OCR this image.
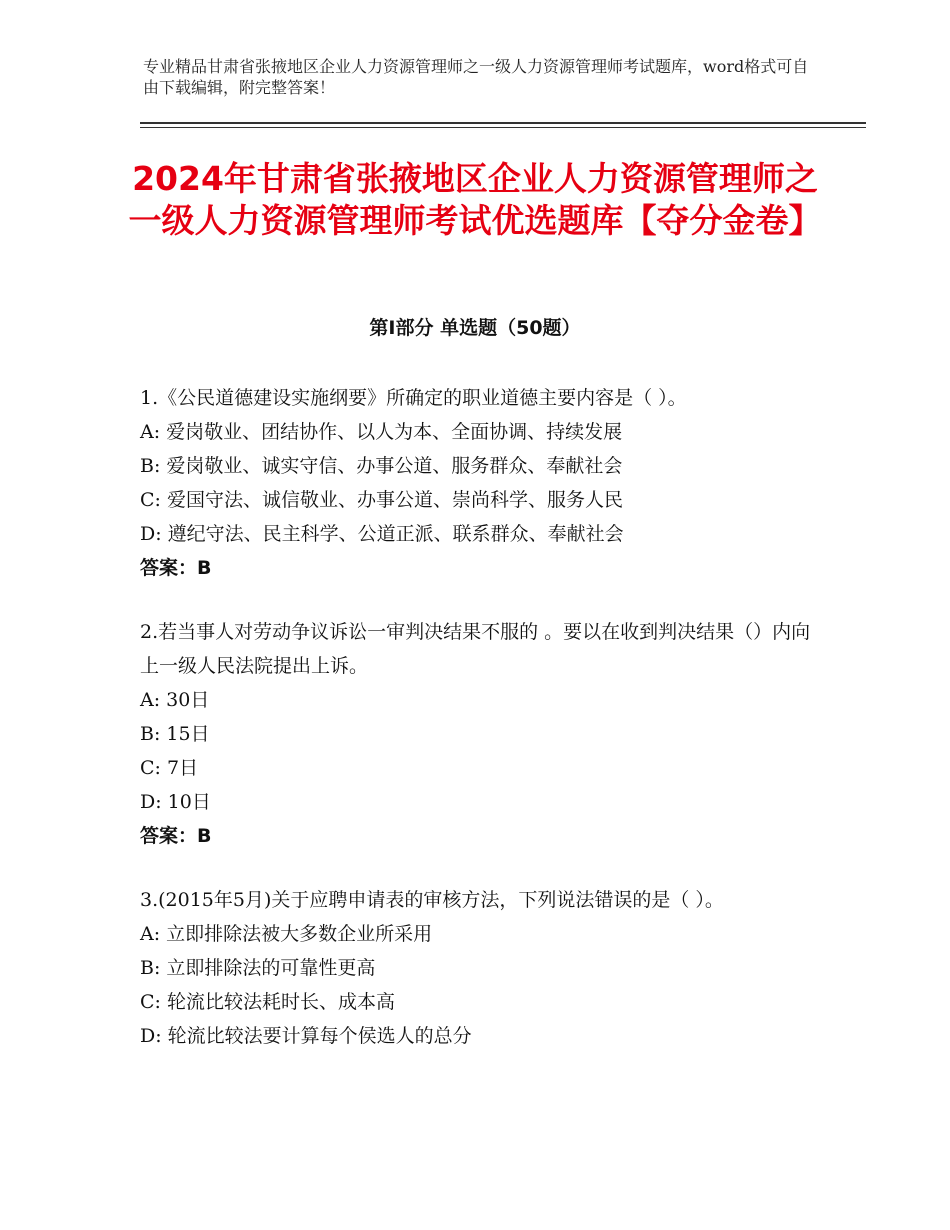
专业精品甘肃省张掖地区企业人力资源管理师之一级人力资源管理师考试题库，word格式可自由下载编辑，附完整答案！

2024年甘肃省张掖地区企业人力资源管理师之一级人力资源管理师考试优选题库【夺分金卷】
第Ⅰ部分 单选题（50题）

1.《公民道德建设实施纲要》所确定的职业道德主要内容是（ ）。

A: 爱岗敬业、团结协作、以人为本、全面协调、持续发展

B: 爱岗敬业、诚实守信、办事公道、服务群众、奉献社会

C: 爱国守法、诚信敬业、办事公道、崇尚科学、服务人民

D: 遵纪守法、民主科学、公道正派、联系群众、奉献社会

答案：B

2.若当事人对劳动争议诉讼一审判决结果不服的 。要以在收到判决结果（）内向上一级人民法院提出上诉。

A: 30日

B: 15日

C: 7日

D: 10日

答案：B

3.(2015年5月)关于应聘申请表的审核方法，下列说法错误的是（ ）。

A: 立即排除法被大多数企业所采用

B: 立即排除法的可靠性更高

C: 轮流比较法耗时长、成本高

D: 轮流比较法要计算每个侯选人的总分
